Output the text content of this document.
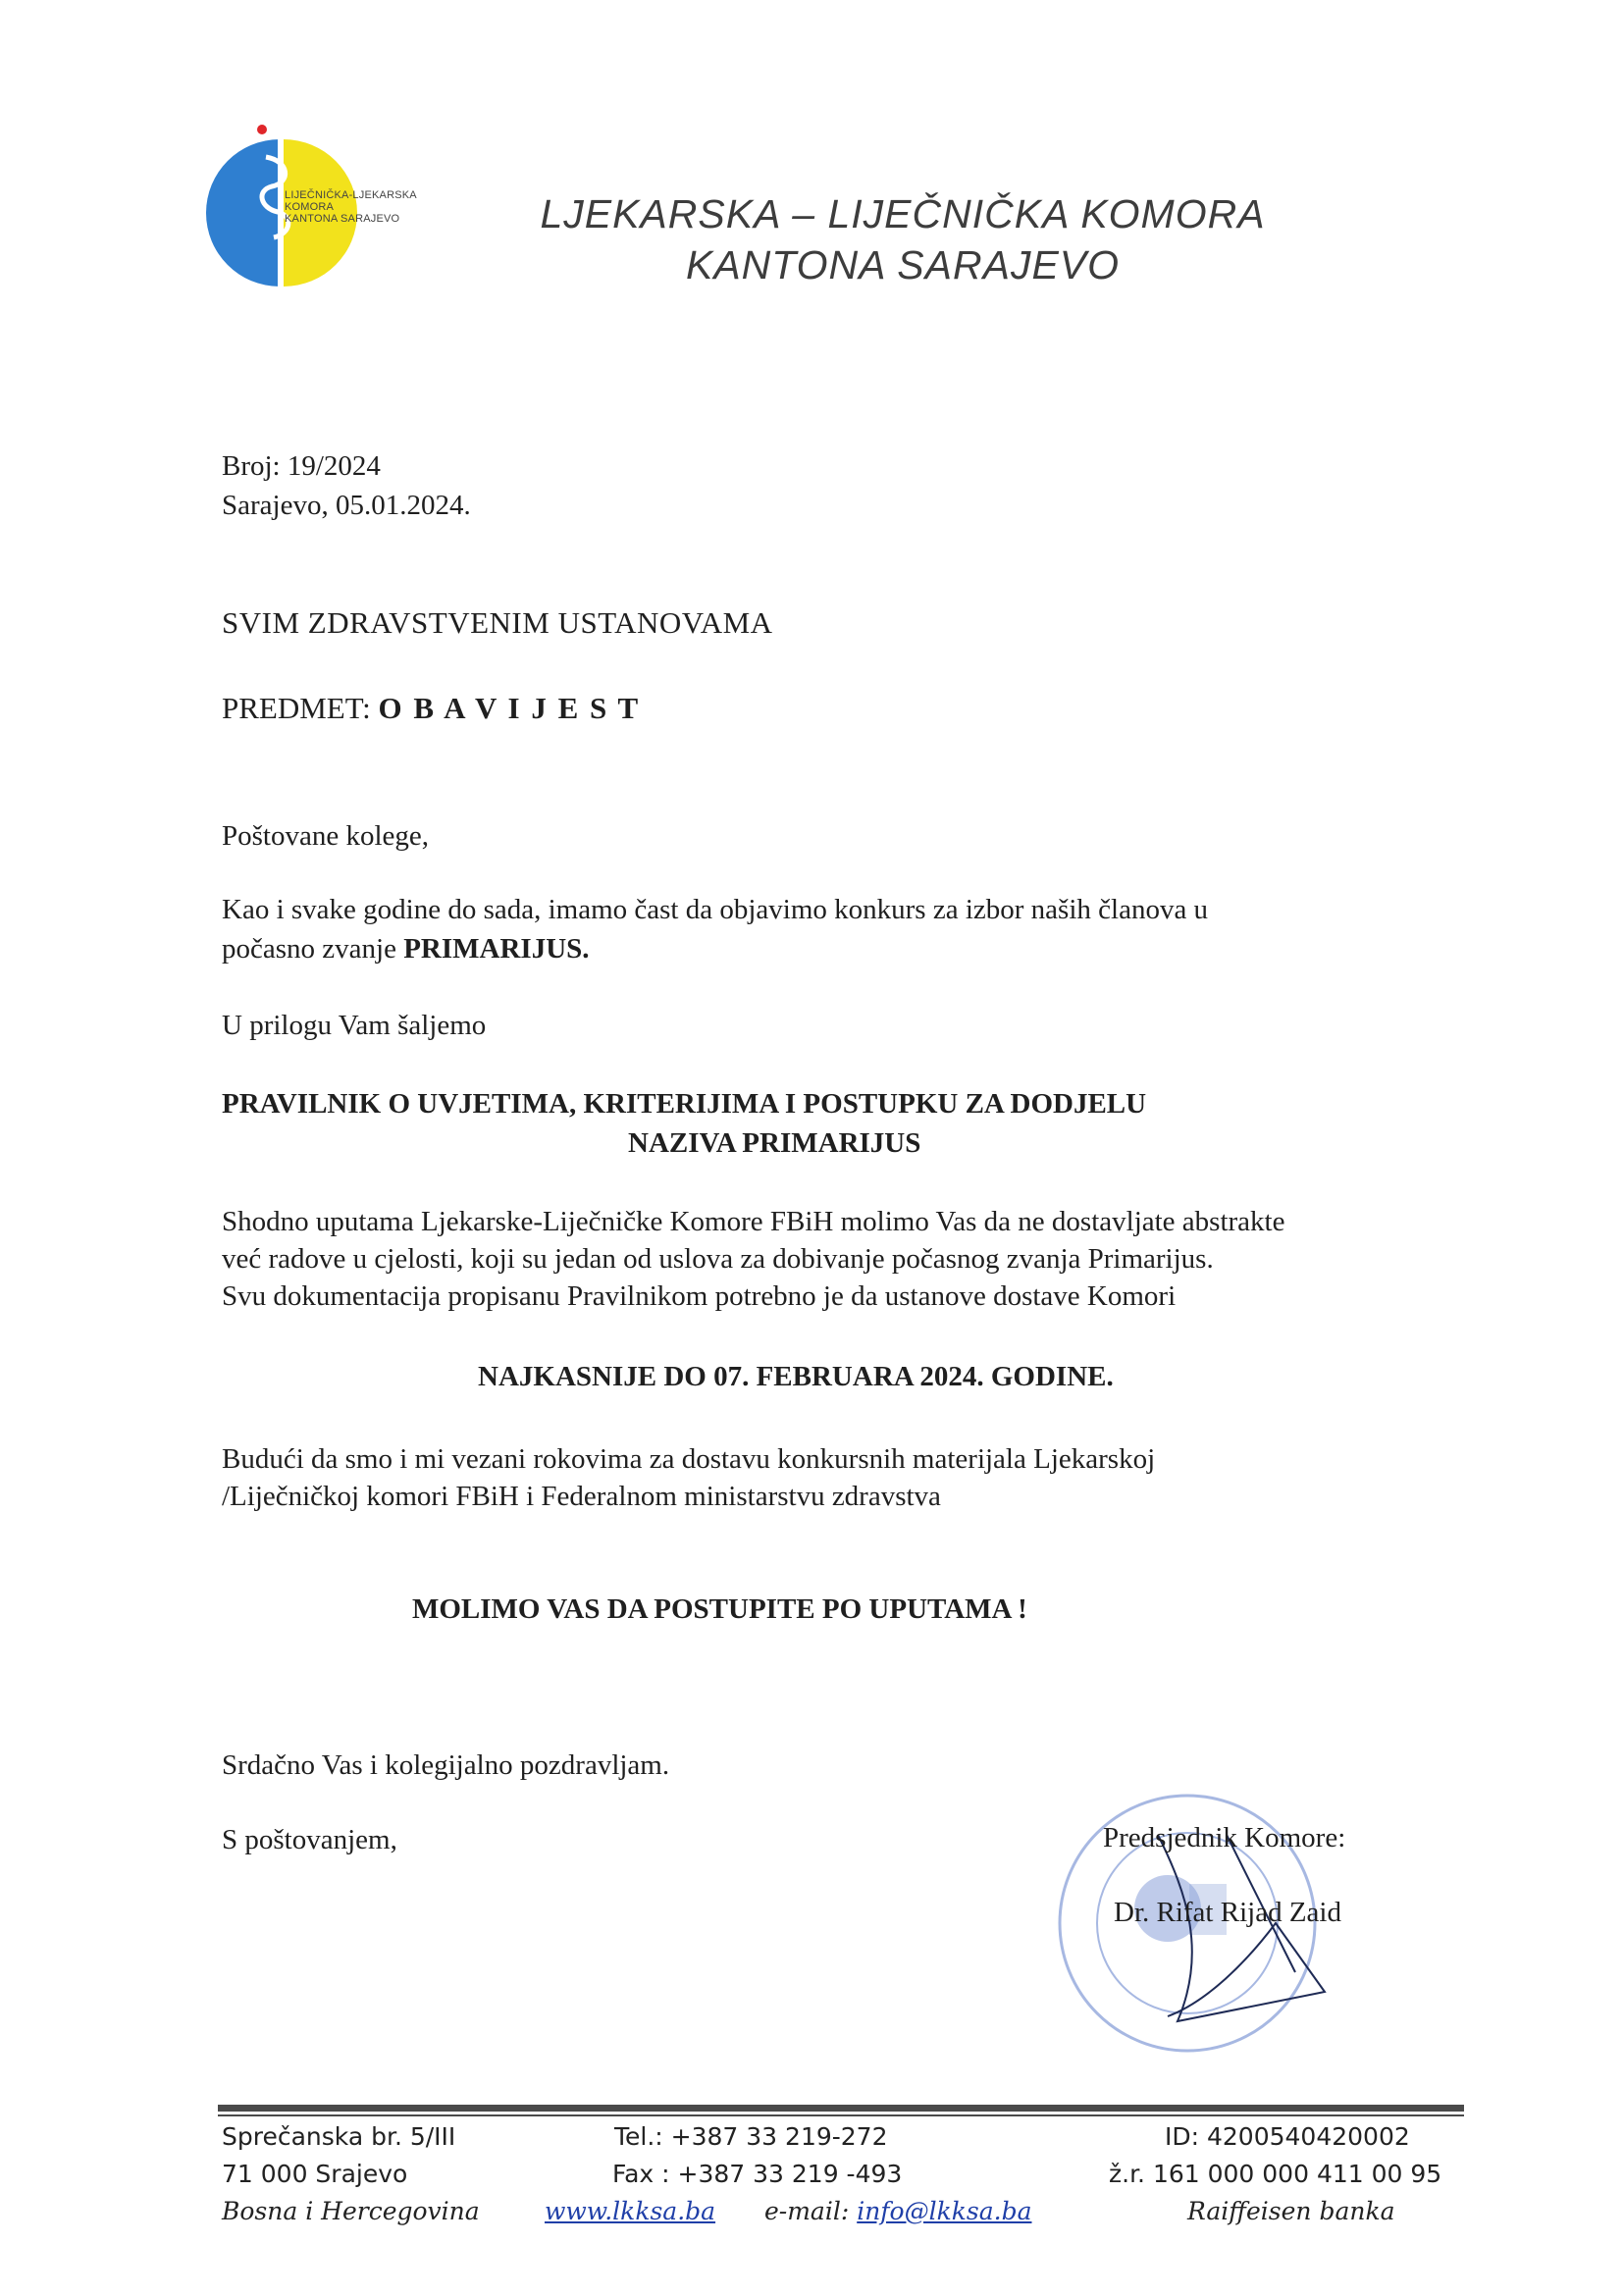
LIJEČNIČKA-LJEKARSKA
KOMORA
KANTONA SARAJEVO	LJEKARSKA – LIJEČNIČKA KOMORA
KANTONA SARAJEVO
Broj: 19/2024
Sarajevo, 05.01.2024.
SVIM ZDRAVSTVENIM USTANOVAMA
PREDMET: O B A V I J E S T
Poštovane kolege,
Kao i svake godine do sada, imamo čast da objavimo konkurs za izbor naših članova u
počasno zvanje PRIMARIJUS.
U prilogu Vam šaljemo
PRAVILNIK O UVJETIMA, KRITERIJIMA I POSTUPKU ZA DODJELU
NAZIVA PRIMARIJUS
Shodno uputama Ljekarske-Liječničke Komore FBiH molimo Vas da ne dostavljate abstrakte
već radove u cjelosti, koji su jedan od uslova za dobivanje počasnog zvanja Primarijus.
Svu dokumentacija propisanu Pravilnikom potrebno je da ustanove dostave Komori
NAJKASNIJE DO 07. FEBRUARA 2024. GODINE.
Budući da smo i mi vezani rokovima za dostavu konkursnih materijala Ljekarskoj
/Liječničkoj komori FBiH i Federalnom ministarstvu zdravstva
MOLIMO VAS DA POSTUPITE PO UPUTAMA !
Srdačno Vas i kolegijalno pozdravljam.
S poštovanjem,	Predsjednik Komore:
Dr. Rifat Rijad Zaid
Sprečanska br. 5/III
71 000 Srajevo
Bosna i Hercegovina
Tel.: +387 33 219-272
Fax : +387 33 219 -493
www.lkksa.ba e-mail: info@lkksa.ba
ID: 4200540420002
ž.r. 161 000 000 411 00 95
Raiffeisen banka
